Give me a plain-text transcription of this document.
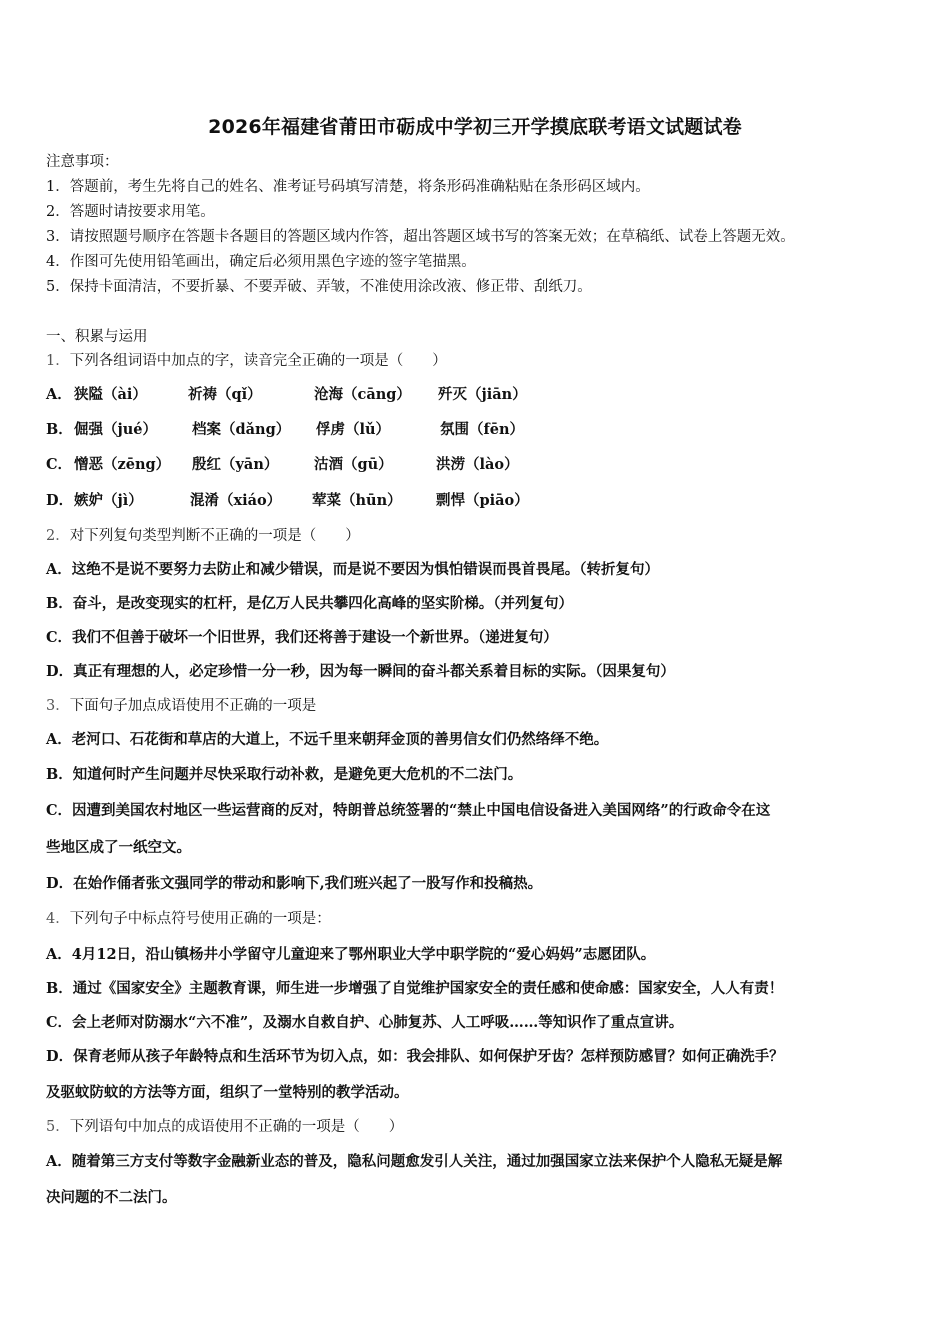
2026年福建省莆田市砺成中学初三开学摸底联考语文试题试卷
注意事项：
1．答题前，考生先将自己的姓名、准考证号码填写清楚，将条形码准确粘贴在条形码区域内。
2．答题时请按要求用笔。
3．请按照题号顺序在答题卡各题目的答题区域内作答，超出答题区域书写的答案无效；在草稿纸、试卷上答题无效。
4．作图可先使用铅笔画出，确定后必须用黑色字迹的签字笔描黑。
5．保持卡面清洁，不要折暴、不要弄破、弄皱，不准使用涂改液、修正带、刮纸刀。
一、积累与运用
1．下列各组词语中加点的字，读音完全正确的一项是（　　）
A． 狭隘（ài）	祈祷（qǐ）	沧海（cāng） 歼灭（jiān）
B． 倔强（jué） 档案（dǎng） 俘虏（lǔ）	氛围（fēn）
C． 憎恶（zēng） 殷红（yān） 沽酒（gū）	洪涝（lào）
D． 嫉妒（jì）	混淆（xiáo） 荤菜（hūn） 剽悍（piāo）
2．对下列复句类型判断不正确的一项是（　　）
A．这绝不是说不要努力去防止和减少错误，而是说不要因为惧怕错误而畏首畏尾。（转折复句）
B．奋斗，是改变现实的杠杆，是亿万人民共攀四化高峰的坚实阶梯。（并列复句）
C．我们不但善于破坏一个旧世界，我们还将善于建设一个新世界。（递进复句）
D．真正有理想的人，必定珍惜一分一秒，因为每一瞬间的奋斗都关系着目标的实际。（因果复句）
3．下面句子加点成语使用不正确的一项是
A．老河口、石花街和草店的大道上，不远千里来朝拜金顶的善男信女们仍然络绎不绝。
B．知道何时产生问题并尽快采取行动补救，是避免更大危机的不二法门。
C．因遭到美国农村地区一些运营商的反对，特朗普总统签署的“禁止中国电信设备进入美国网络”的行政命令在这
些地区成了一纸空文。
D．在始作俑者张文强同学的带动和影响下,我们班兴起了一股写作和投稿热。
4．下列句子中标点符号使用正确的一项是：
A．4月12日，沿山镇杨井小学留守儿童迎来了鄂州职业大学中职学院的“爱心妈妈”志愿团队。
B．通过《国家安全》主题教育课，师生进一步增强了自觉维护国家安全的责任感和使命感：国家安全，人人有责！
C．会上老师对防溺水“六不准”，及溺水自救自护、心肺复苏、人工呼吸……等知识作了重点宣讲。
D．保育老师从孩子年龄特点和生活环节为切入点，如：我会排队、如何保护牙齿？怎样预防感冒？如何正确洗手？
及驱蚊防蚊的方法等方面，组织了一堂特别的教学活动。
5．下列语句中加点的成语使用不正确的一项是（　　）
A．随着第三方支付等数字金融新业态的普及，隐私问题愈发引人关注，通过加强国家立法来保护个人隐私无疑是解
决问题的不二法门。
